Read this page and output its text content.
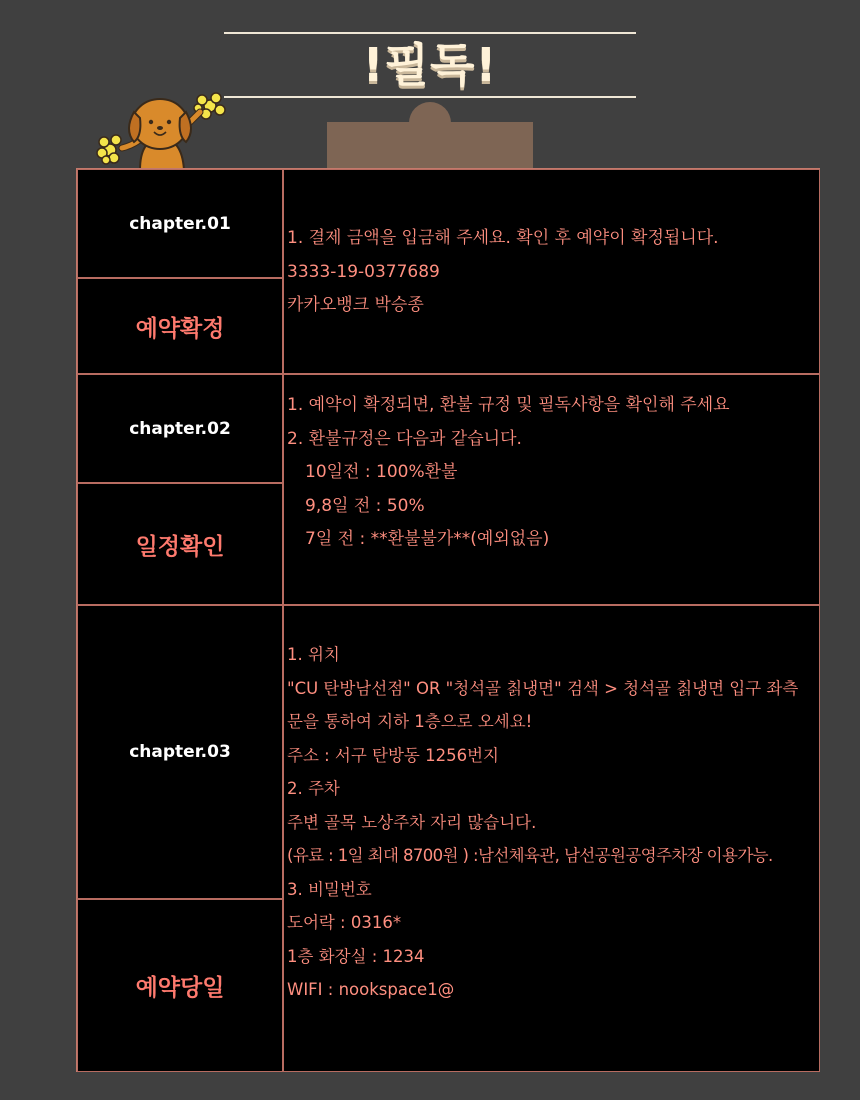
!필독!
chapter.01
예약확정
1. 결제 금액을 입금해 주세요. 확인 후 예약이 확정됩니다.
3333-19-0377689
카카오뱅크 박승종
chapter.02
일정확인
1. 예약이 확정되면, 환불 규정 및 필독사항을 확인해 주세요
2. 환불규정은 다음과 같습니다.
10일전 : 100%환불
9,8일 전 : 50%
7일 전 : **환불불가**(예외없음)
chapter.03
예약당일
1. 위치
"CU 탄방남선점" OR "청석골 칡냉면" 검색 > 청석골 칡냉면 입구 좌측
문을 통하여 지하 1층으로 오세요!
주소 : 서구 탄방동 1256번지
2. 주차
주변 골목 노상주차 자리 많습니다.
(유료 : 1일 최대 8700원 ) :남선체육관, 남선공원공영주차장 이용가능.
3. 비밀번호
도어락 : 0316*
1층 화장실 : 1234
WIFI : nookspace1@
